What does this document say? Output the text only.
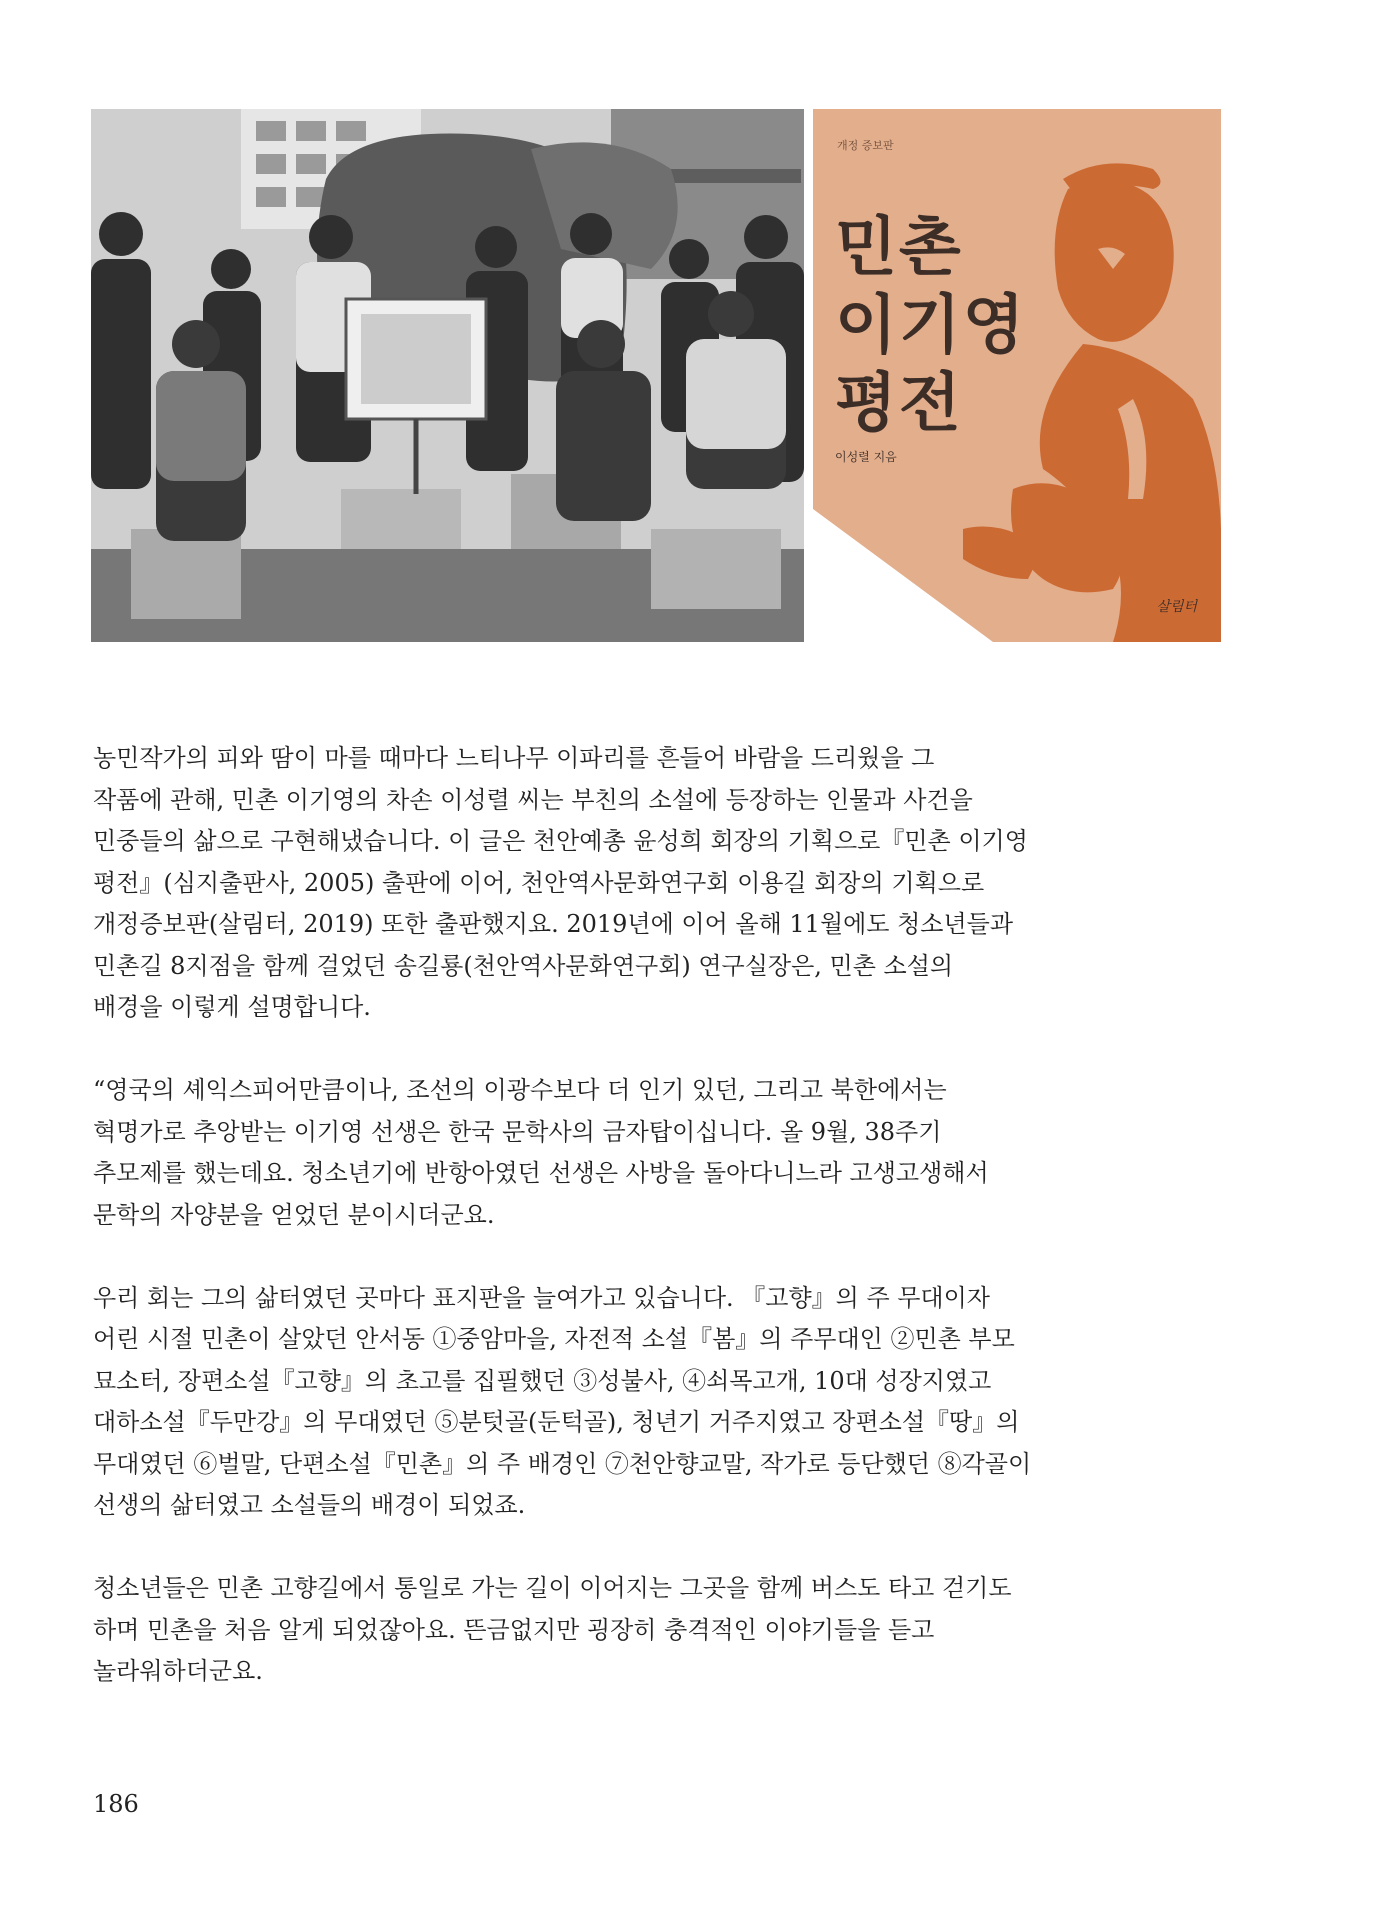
개정 증보판
민촌
이기영
평전
이성렬 지음
살림터

농민작가의 피와 땀이 마를 때마다 느티나무 이파리를 흔들어 바람을 드리웠을 그
작품에 관해, 민촌 이기영의 차손 이성렬 씨는 부친의 소설에 등장하는 인물과 사건을
민중들의 삶으로 구현해냈습니다. 이 글은 천안예총 윤성희 회장의 기획으로『민촌 이기영
평전』(심지출판사, 2005) 출판에 이어, 천안역사문화연구회 이용길 회장의 기획으로
개정증보판(살림터, 2019) 또한 출판했지요. 2019년에 이어 올해 11월에도 청소년들과
민촌길 8지점을 함께 걸었던 송길룡(천안역사문화연구회) 연구실장은, 민촌 소설의
배경을 이렇게 설명합니다.

“영국의 셰익스피어만큼이나, 조선의 이광수보다 더 인기 있던, 그리고 북한에서는
혁명가로 추앙받는 이기영 선생은 한국 문학사의 금자탑이십니다. 올 9월, 38주기
추모제를 했는데요. 청소년기에 반항아였던 선생은 사방을 돌아다니느라 고생고생해서
문학의 자양분을 얻었던 분이시더군요.

우리 회는 그의 삶터였던 곳마다 표지판을 늘여가고 있습니다. 『고향』의 주 무대이자
어린 시절 민촌이 살았던 안서동 ①중암마을, 자전적 소설『봄』의 주무대인 ②민촌 부모
묘소터, 장편소설『고향』의 초고를 집필했던 ③성불사, ④쇠목고개, 10대 성장지였고
대하소설『두만강』의 무대였던 ⑤분텃골(둔턱골), 청년기 거주지였고 장편소설『땅』의
무대였던 ⑥벌말, 단편소설『민촌』의 주 배경인 ⑦천안향교말, 작가로 등단했던 ⑧각골이
선생의 삶터였고 소설들의 배경이 되었죠.

청소년들은 민촌 고향길에서 통일로 가는 길이 이어지는 그곳을 함께 버스도 타고 걷기도
하며 민촌을 처음 알게 되었잖아요. 뜬금없지만 굉장히 충격적인 이야기들을 듣고
놀라워하더군요.

186
